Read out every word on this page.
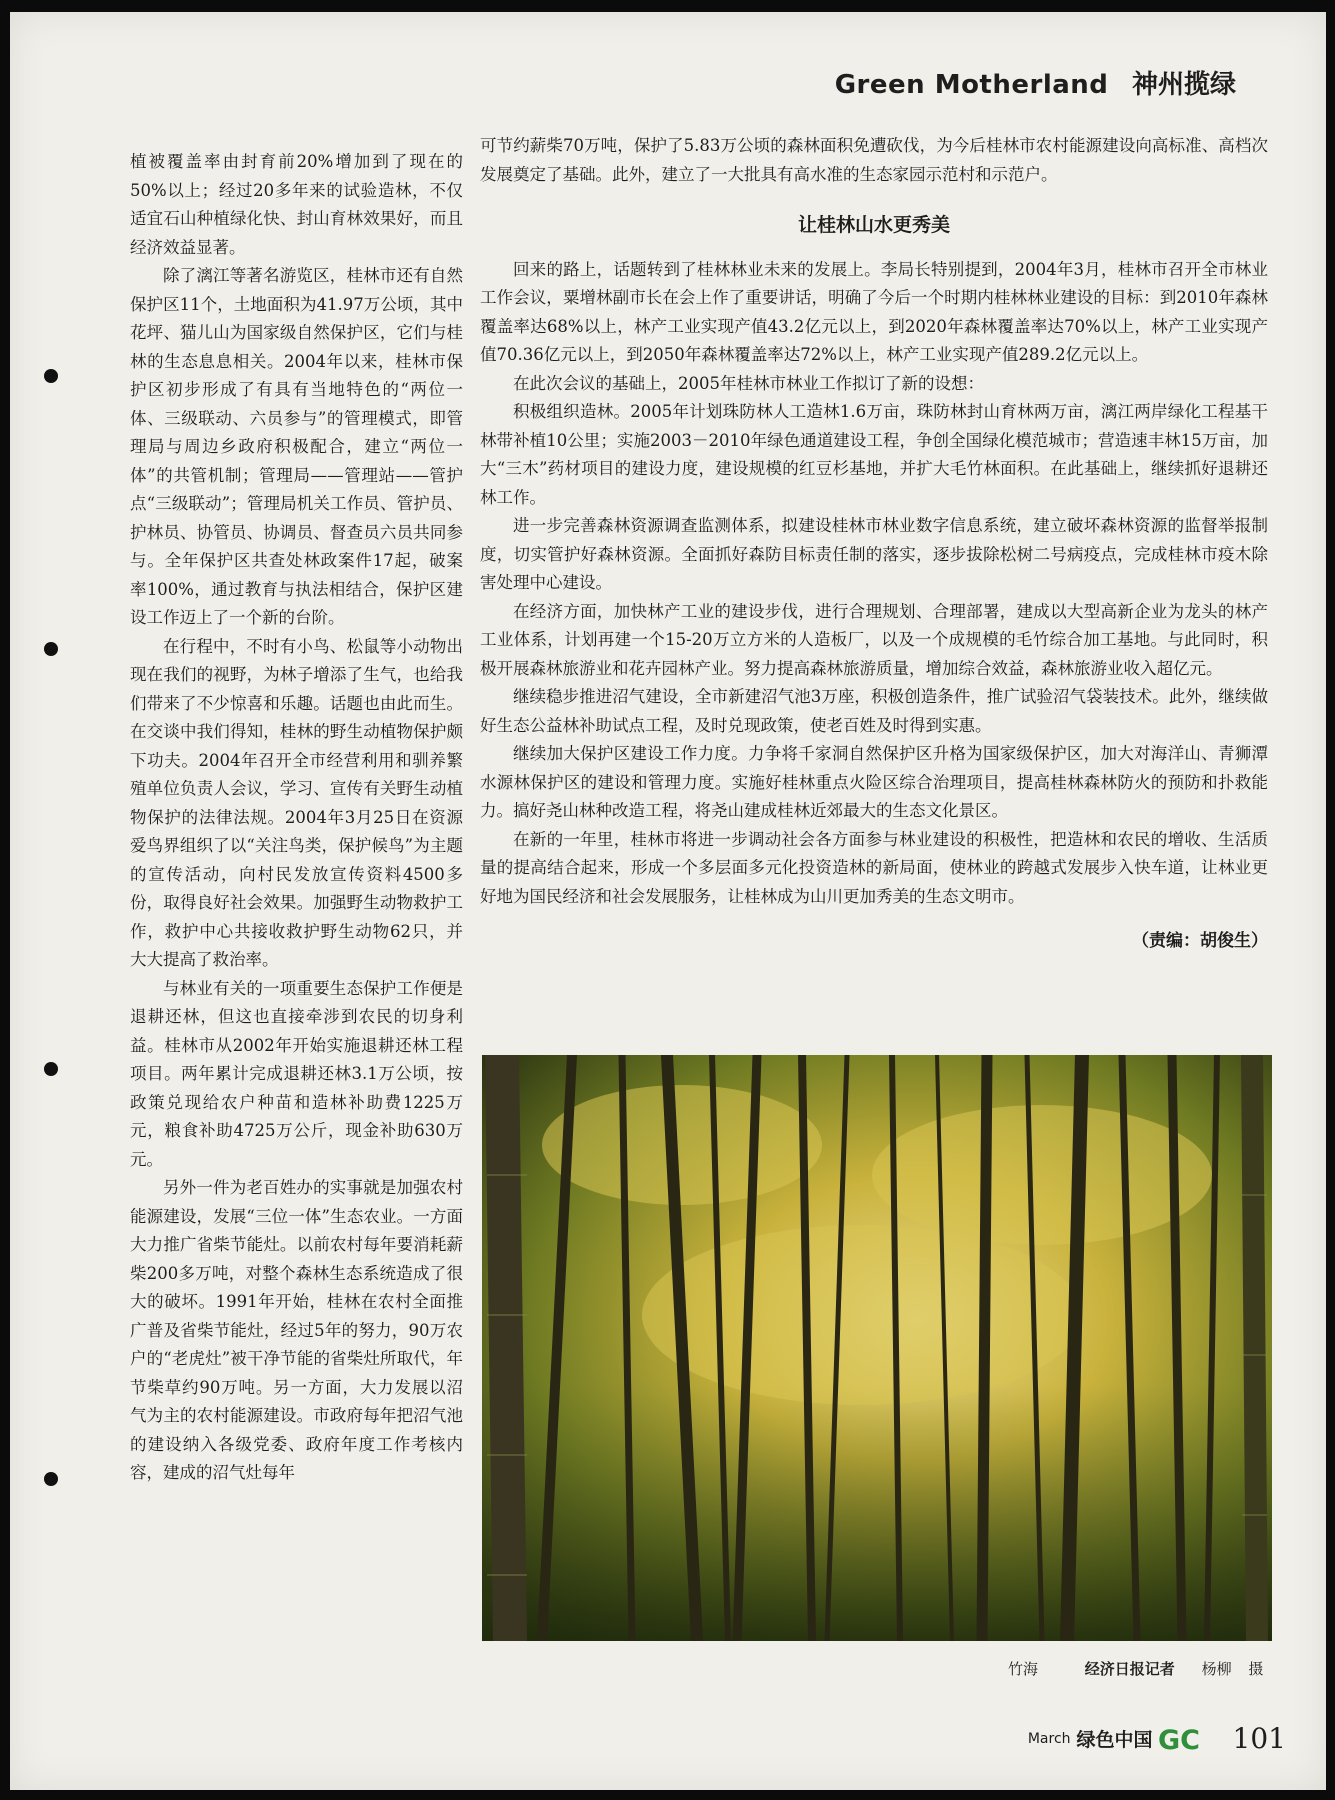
Green Motherland 神州揽绿

植被覆盖率由封育前20%增加到了现在的50%以上；经过20多年来的试验造林，不仅适宜石山种植绿化快、封山育林效果好，而且经济效益显著。

除了漓江等著名游览区，桂林市还有自然保护区11个，土地面积为41.97万公顷，其中花坪、猫儿山为国家级自然保护区，它们与桂林的生态息息相关。2004年以来，桂林市保护区初步形成了有具有当地特色的“两位一体、三级联动、六员参与”的管理模式，即管理局与周边乡政府积极配合，建立“两位一体”的共管机制；管理局——管理站——管护点“三级联动”；管理局机关工作员、管护员、护林员、协管员、协调员、督查员六员共同参与。全年保护区共查处林政案件17起，破案率100%，通过教育与执法相结合，保护区建设工作迈上了一个新的台阶。

在行程中，不时有小鸟、松鼠等小动物出现在我们的视野，为林子增添了生气，也给我们带来了不少惊喜和乐趣。话题也由此而生。在交谈中我们得知，桂林的野生动植物保护颇下功夫。2004年召开全市经营利用和驯养繁殖单位负责人会议，学习、宣传有关野生动植物保护的法律法规。2004年3月25日在资源爱鸟界组织了以“关注鸟类，保护候鸟”为主题的宣传活动，向村民发放宣传资料4500多份，取得良好社会效果。加强野生动物救护工作，救护中心共接收救护野生动物62只，并大大提高了救治率。

与林业有关的一项重要生态保护工作便是退耕还林，但这也直接牵涉到农民的切身利益。桂林市从2002年开始实施退耕还林工程项目。两年累计完成退耕还林3.1万公顷，按政策兑现给农户种苗和造林补助费1225万元，粮食补助4725万公斤，现金补助630万元。

另外一件为老百姓办的实事就是加强农村能源建设，发展“三位一体”生态农业。一方面大力推广省柴节能灶。以前农村每年要消耗薪柴200多万吨，对整个森林生态系统造成了很大的破坏。1991年开始，桂林在农村全面推广普及省柴节能灶，经过5年的努力，90万农户的“老虎灶”被干净节能的省柴灶所取代，年节柴草约90万吨。另一方面，大力发展以沼气为主的农村能源建设。市政府每年把沼气池的建设纳入各级党委、政府年度工作考核内容，建成的沼气灶每年

可节约薪柴70万吨，保护了5.83万公顷的森林面积免遭砍伐，为今后桂林市农村能源建设向高标准、高档次发展奠定了基础。此外，建立了一大批具有高水准的生态家园示范村和示范户。

让桂林山水更秀美

回来的路上，话题转到了桂林林业未来的发展上。李局长特别提到，2004年3月，桂林市召开全市林业工作会议，粟增林副市长在会上作了重要讲话，明确了今后一个时期内桂林林业建设的目标：到2010年森林覆盖率达68%以上，林产工业实现产值43.2亿元以上，到2020年森林覆盖率达70%以上，林产工业实现产值70.36亿元以上，到2050年森林覆盖率达72%以上，林产工业实现产值289.2亿元以上。

在此次会议的基础上，2005年桂林市林业工作拟订了新的设想：

积极组织造林。2005年计划珠防林人工造林1.6万亩，珠防林封山育林两万亩，漓江两岸绿化工程基干林带补植10公里；实施2003－2010年绿色通道建设工程，争创全国绿化模范城市；营造速丰林15万亩，加大“三木”药材项目的建设力度，建设规模的红豆杉基地，并扩大毛竹林面积。在此基础上，继续抓好退耕还林工作。

进一步完善森林资源调查监测体系，拟建设桂林市林业数字信息系统，建立破坏森林资源的监督举报制度，切实管护好森林资源。全面抓好森防目标责任制的落实，逐步拔除松树二号病疫点，完成桂林市疫木除害处理中心建设。

在经济方面，加快林产工业的建设步伐，进行合理规划、合理部署，建成以大型高新企业为龙头的林产工业体系，计划再建一个15-20万立方米的人造板厂，以及一个成规模的毛竹综合加工基地。与此同时，积极开展森林旅游业和花卉园林产业。努力提高森林旅游质量，增加综合效益，森林旅游业收入超亿元。

继续稳步推进沼气建设，全市新建沼气池3万座，积极创造条件，推广试验沼气袋装技术。此外，继续做好生态公益林补助试点工程，及时兑现政策，使老百姓及时得到实惠。

继续加大保护区建设工作力度。力争将千家洞自然保护区升格为国家级保护区，加大对海洋山、青狮潭水源林保护区的建设和管理力度。实施好桂林重点火险区综合治理项目，提高桂林森林防火的预防和扑救能力。搞好尧山林种改造工程，将尧山建成桂林近郊最大的生态文化景区。

在新的一年里，桂林市将进一步调动社会各方面参与林业建设的积极性，把造林和农民的增收、生活质量的提高结合起来，形成一个多层面多元化投资造林的新局面，使林业的跨越式发展步入快车道，让林业更好地为国民经济和社会发展服务，让桂林成为山川更加秀美的生态文明市。

（责编：胡俊生）

竹海	经济日报记者 杨柳 摄
March 绿色中国 GC 101
